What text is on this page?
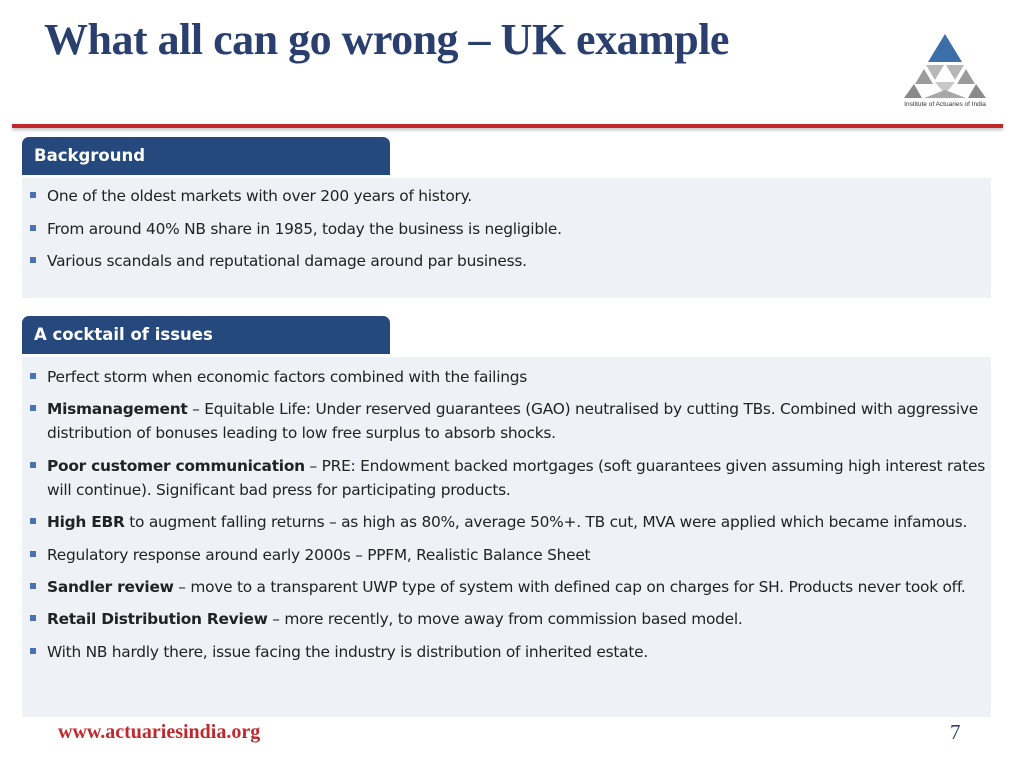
What all can go wrong – UK example
Institute of Actuaries of India
Background
One of the oldest markets with over 200 years of history.
From around 40% NB share in 1985, today the business is negligible.
Various scandals and reputational damage around par business.
A cocktail of issues
Perfect storm when economic factors combined with the failings
Mismanagement – Equitable Life: Under reserved guarantees (GAO) neutralised by cutting TBs. Combined with aggressive distribution of bonuses leading to low free surplus to absorb shocks.
Poor customer communication – PRE: Endowment backed mortgages (soft guarantees given assuming high interest rates will continue). Significant bad press for participating products.
High EBR to augment falling returns – as high as 80%, average 50%+. TB cut, MVA were applied which became infamous.
Regulatory response around early 2000s – PPFM, Realistic Balance Sheet
Sandler review – move to a transparent UWP type of system with defined cap on charges for SH. Products never took off.
Retail Distribution Review – more recently, to move away from commission based model.
With NB hardly there, issue facing the industry is distribution of inherited estate.
www.actuariesindia.org	7
